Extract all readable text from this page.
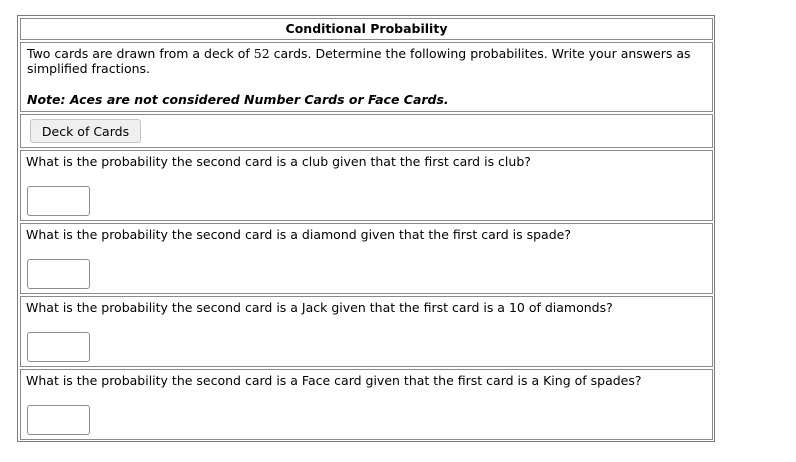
Conditional Probability
Two cards are drawn from a deck of 52 cards. Determine the following probabilites. Write your answers as simplified fractions.
Note: Aces are not considered Number Cards or Face Cards.
Deck of Cards
What is the probability the second card is a club given that the first card is club?
What is the probability the second card is a diamond given that the first card is spade?
What is the probability the second card is a Jack given that the first card is a 10 of diamonds?
What is the probability the second card is a Face card given that the first card is a King of spades?
